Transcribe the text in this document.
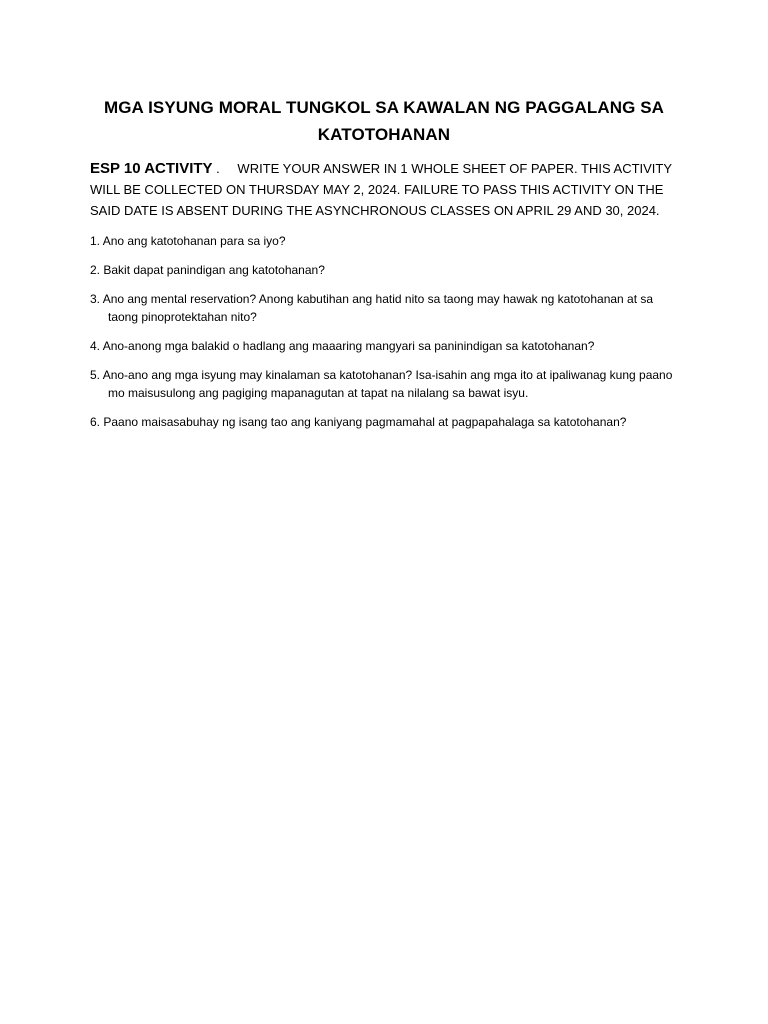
MGA ISYUNG MORAL TUNGKOL SA KAWALAN NG PAGGALANG SA KATOTOHANAN
ESP 10 ACTIVITY . WRITE YOUR ANSWER IN 1 WHOLE SHEET OF PAPER. THIS ACTIVITY WILL BE COLLECTED ON THURSDAY MAY 2, 2024. FAILURE TO PASS THIS ACTIVITY ON THE SAID DATE IS ABSENT DURING THE ASYNCHRONOUS CLASSES ON APRIL 29 AND 30, 2024.
1. Ano ang katotohanan para sa iyo?
2. Bakit dapat panindigan ang katotohanan?
3. Ano ang mental reservation? Anong kabutihan ang hatid nito sa taong may hawak ng katotohanan at sa taong pinoprotektahan nito?
4. Ano-anong mga balakid o hadlang ang maaaring mangyari sa paninindigan sa katotohanan?
5. Ano-ano ang mga isyung may kinalaman sa katotohanan? Isa-isahin ang mga ito at ipaliwanag kung paano mo maisusulong ang pagiging mapanagutan at tapat na nilalang sa bawat isyu.
6. Paano maisasabuhay ng isang tao ang kaniyang pagmamahal at pagpapahalaga sa katotohanan?
